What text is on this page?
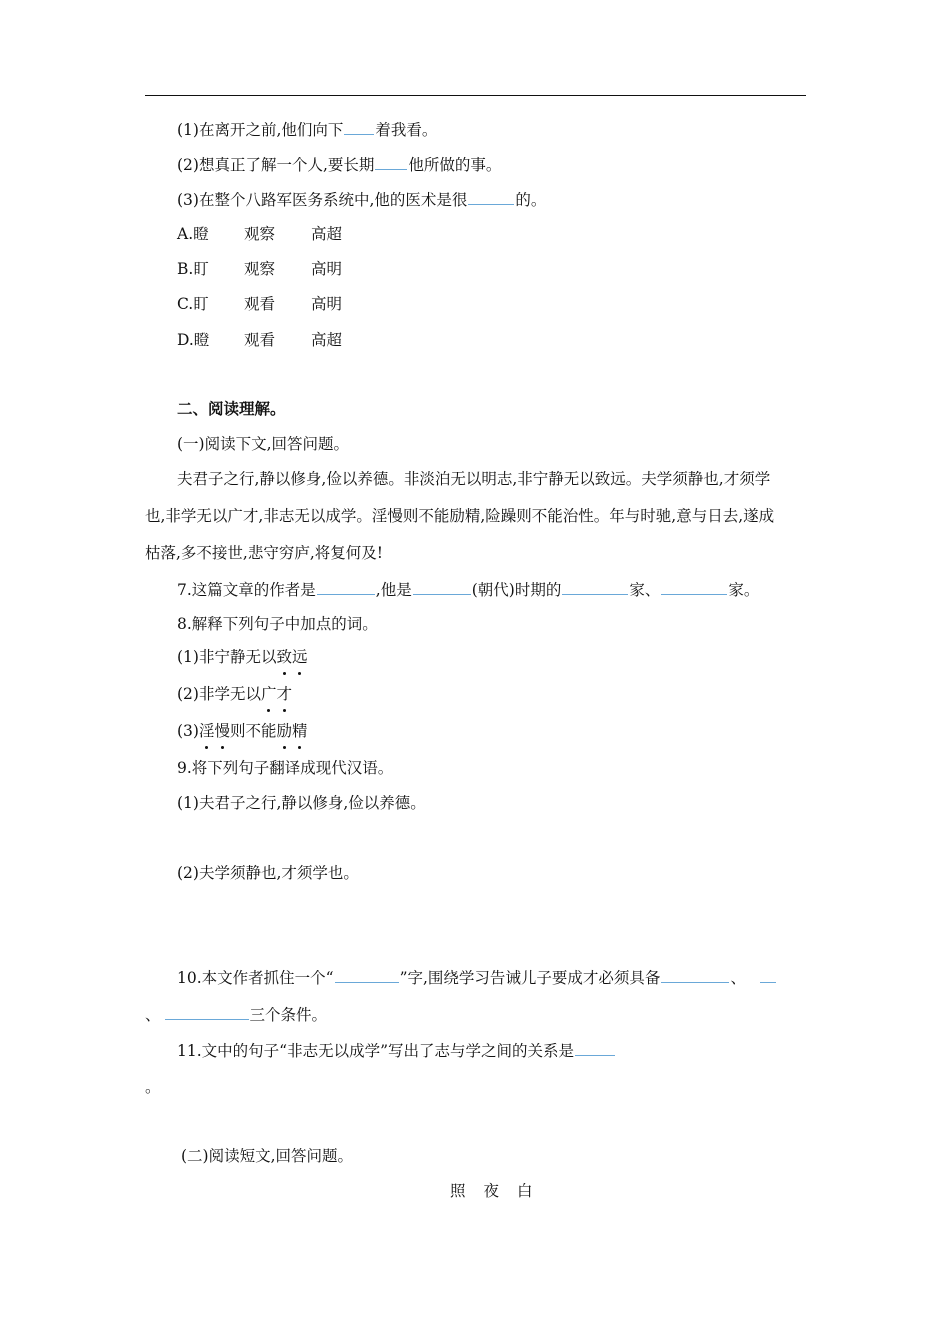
(1)在离开之前,他们向下 着我看。
(2)想真正了解一个人,要长期 他所做的事。
(3)在整个八路军医务系统中,他的医术是很	的。
A.瞪 观察 高超
B.盯 观察 高明
C.盯 观看 高明
D.瞪 观看 高超
二、阅读理解。
(一)阅读下文,回答问题。
夫君子之行,静以修身,俭以养德。非淡泊无以明志,非宁静无以致远。夫学须静也,才须学
也,非学无以广才,非志无以成学。淫慢则不能励精,险躁则不能治性。年与时驰,意与日去,遂成
枯落,多不接世,悲守穷庐,将复何及!
7.这篇文章的作者是	,他是	(朝代)时期的	家、	家。
8.解释下列句子中加点的词。
(1)非宁静无以致远
(2)非学无以广才
(3)淫慢则不能励精
9.将下列句子翻译成现代汉语。
(1)夫君子之行,静以修身,俭以养德。
(2)夫学须静也,才须学也。
10.本文作者抓住一个“	”字,围绕学习告诫儿子要成才必须具备	、
、	三个条件。
11.文中的句子“非志无以成学”写出了志与学之间的关系是
。
(二)阅读短文,回答问题。
照 夜 白
